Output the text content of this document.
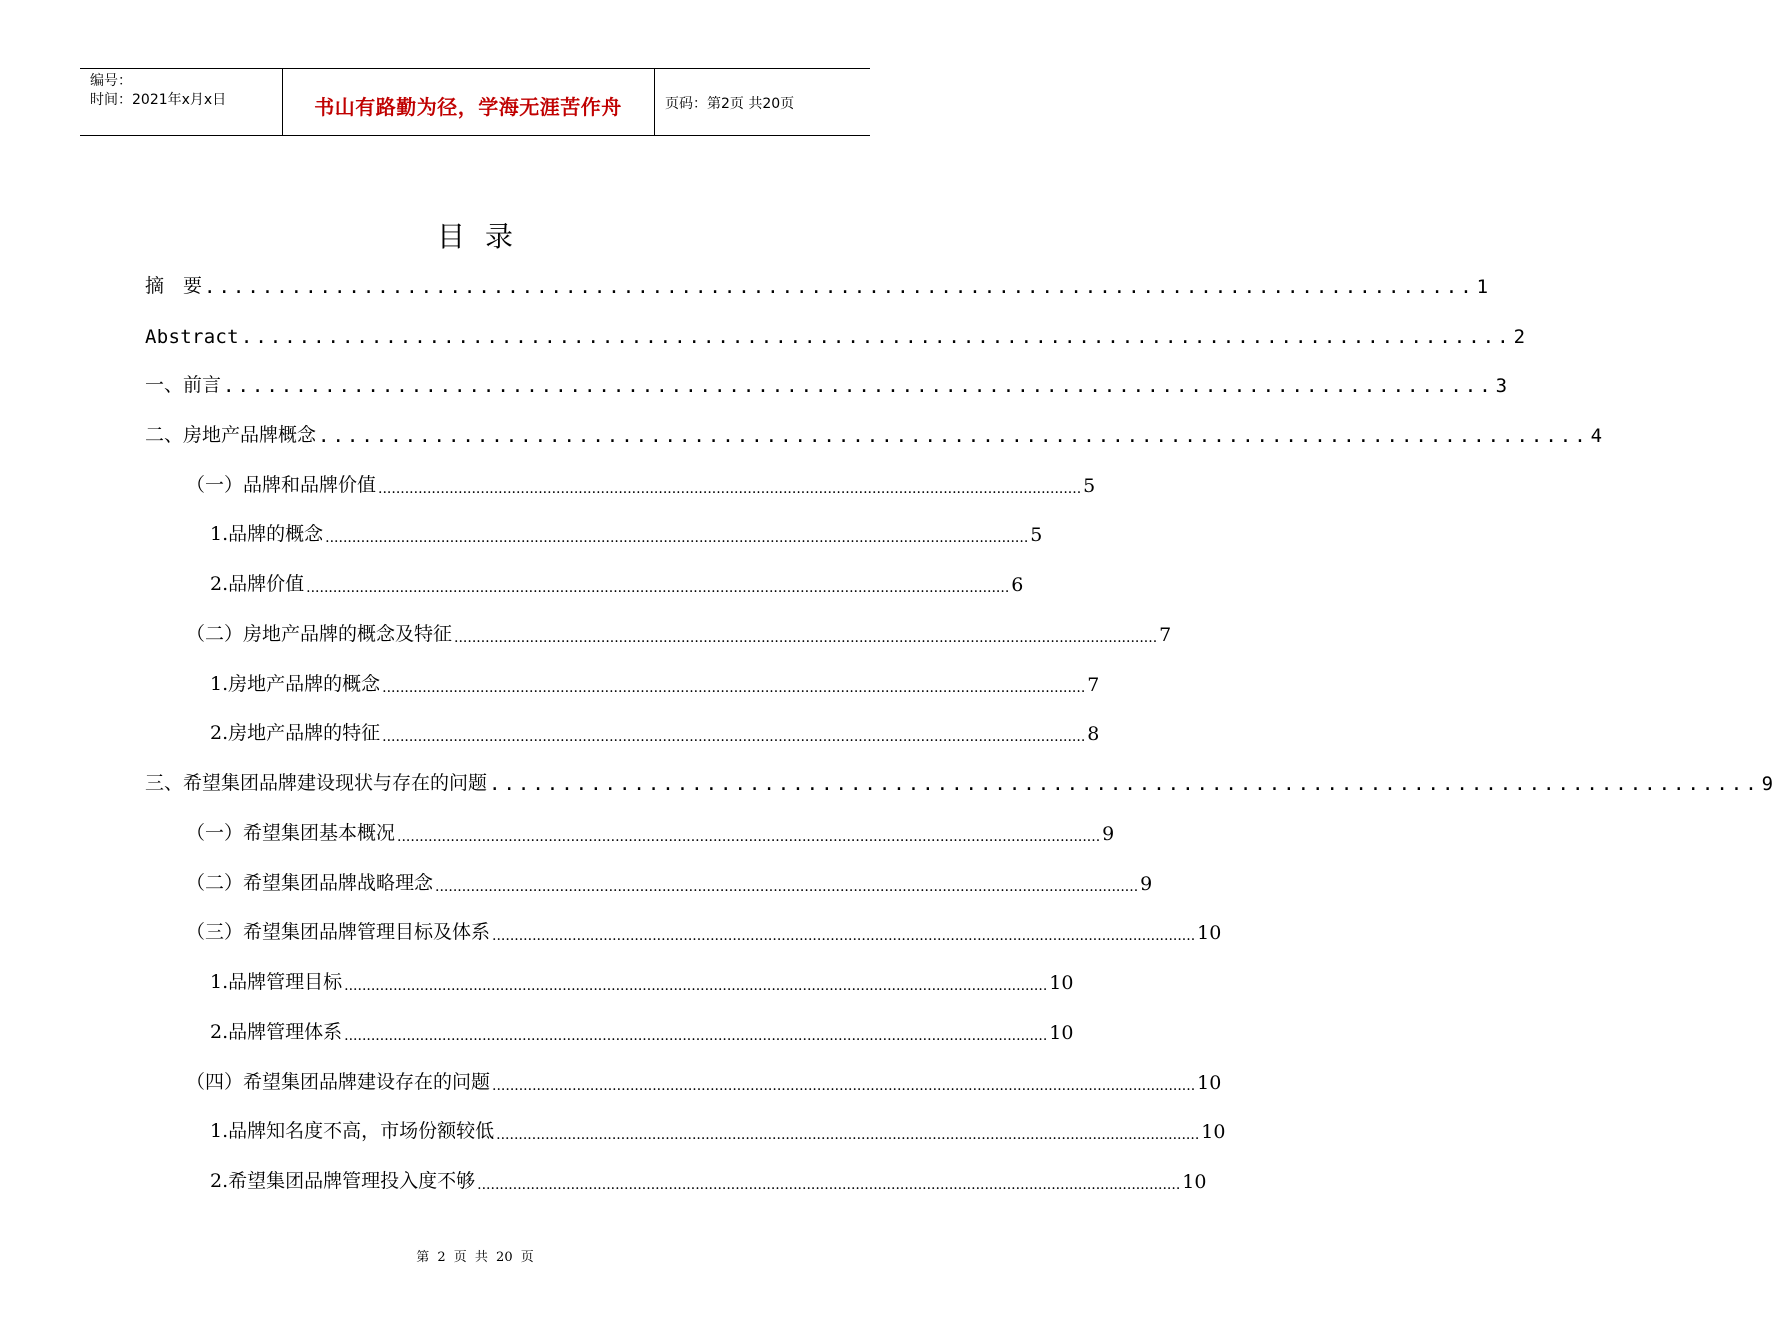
编号：
时间：2021年x月x日	书山有路勤为径，学海无涯苦作舟	页码：第2页 共20页
目录
摘　要 ........................................................................................ 1
Abstract ........................................................................................ 2
一、前言 ........................................................................................ 3
二、房地产品牌概念 ........................................................................................ 4
（一）品牌和品牌价值 .............................................................................................................................................................. 5
1.品牌的概念 .............................................................................................................................................................. 5
2.品牌价值 .............................................................................................................................................................. 6
（二）房地产品牌的概念及特征 .............................................................................................................................................................. 7
1.房地产品牌的概念 .............................................................................................................................................................. 7
2.房地产品牌的特征 .............................................................................................................................................................. 8
三、希望集团品牌建设现状与存在的问题 ........................................................................................ 9
（一）希望集团基本概况 .............................................................................................................................................................. 9
（二）希望集团品牌战略理念 .............................................................................................................................................................. 9
（三）希望集团品牌管理目标及体系 .............................................................................................................................................................. 10
1.品牌管理目标 .............................................................................................................................................................. 10
2.品牌管理体系 .............................................................................................................................................................. 10
（四）希望集团品牌建设存在的问题 .............................................................................................................................................................. 10
1.品牌知名度不高，市场份额较低 .............................................................................................................................................................. 10
2.希望集团品牌管理投入度不够 .............................................................................................................................................................. 10
第 2 页 共 20 页
